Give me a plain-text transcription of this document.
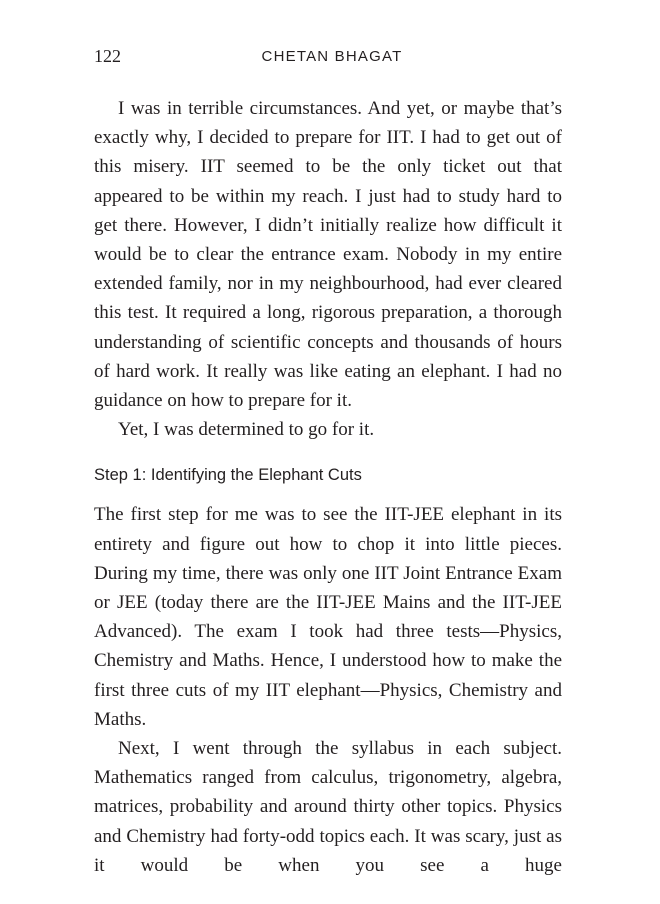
122	CHETAN BHAGAT

I was in terrible circumstances. And yet, or maybe that’s exactly why, I decided to prepare for IIT. I had to get out of this misery. IIT seemed to be the only ticket out that appeared to be within my reach. I just had to study hard to get there. However, I didn’t initially realize how difficult it would be to clear the entrance exam. Nobody in my entire extended family, nor in my neighbourhood, had ever cleared this test. It required a long, rigorous preparation, a thorough understanding of scientific concepts and thousands of hours of hard work. It really was like eating an elephant. I had no guidance on how to prepare for it.

Yet, I was determined to go for it.

Step 1: Identifying the Elephant Cuts

The first step for me was to see the IIT-JEE elephant in its entirety and figure out how to chop it into little pieces. During my time, there was only one IIT Joint Entrance Exam or JEE (today there are the IIT-JEE Mains and the IIT-JEE Advanced). The exam I took had three tests—Physics, Chemistry and Maths. Hence, I understood how to make the first three cuts of my IIT elephant—Physics, Chemistry and Maths.

Next, I went through the syllabus in each subject. Mathematics ranged from calculus, trigonometry, algebra, matrices, probability and around thirty other topics. Physics and Chemistry had forty-odd topics each. It was scary, just as it would be when you see a huge
